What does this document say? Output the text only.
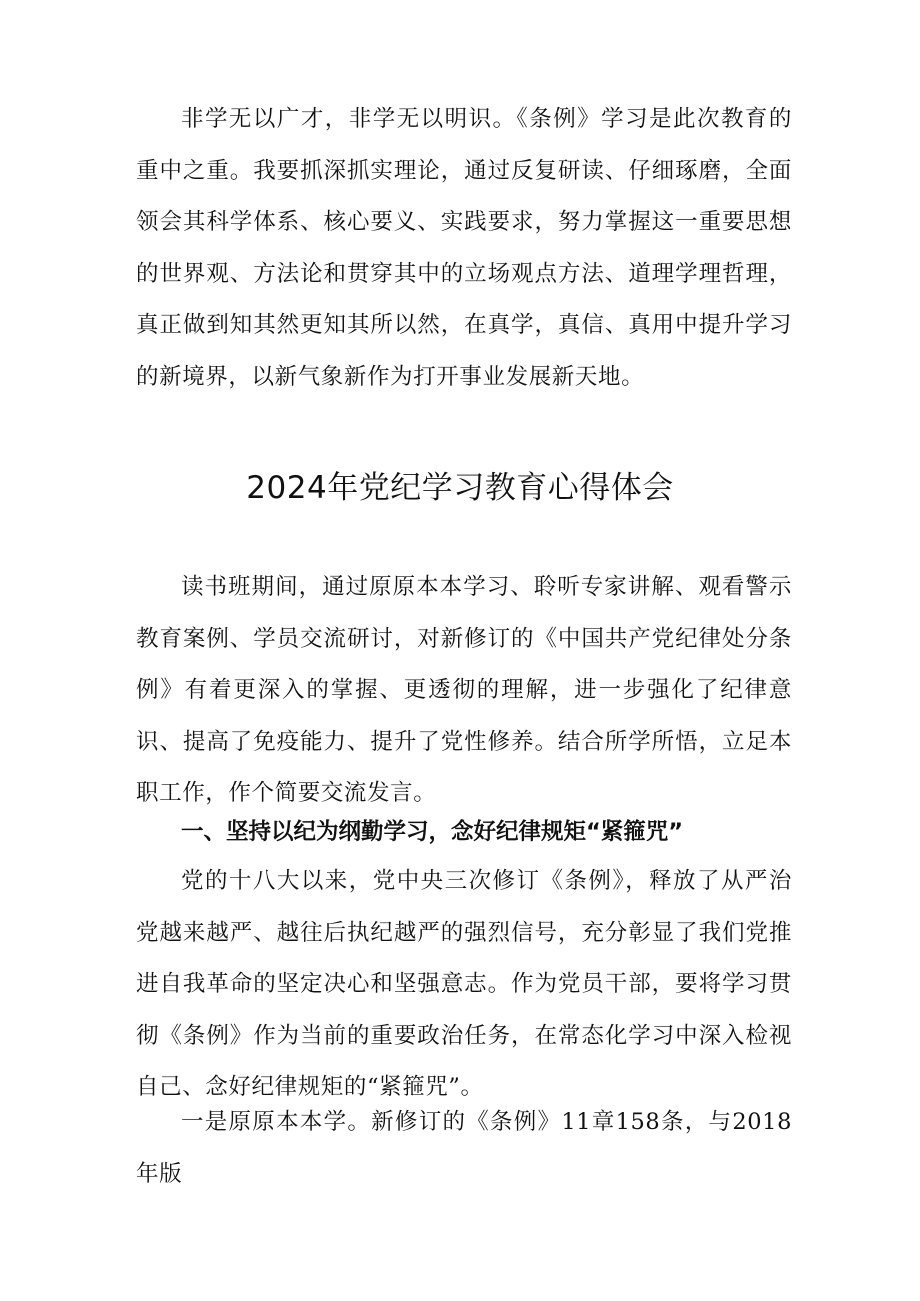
非学无以广才，非学无以明识。《条例》学习是此次教育的重中之重。我要抓深抓实理论，通过反复研读、仔细琢磨，全面领会其科学体系、核心要义、实践要求，努力掌握这一重要思想的世界观、方法论和贯穿其中的立场观点方法、道理学理哲理，真正做到知其然更知其所以然，在真学，真信、真用中提升学习的新境界，以新气象新作为打开事业发展新天地。

2024年党纪学习教育心得体会

读书班期间，通过原原本本学习、聆听专家讲解、观看警示教育案例、学员交流研讨，对新修订的《中国共产党纪律处分条例》有着更深入的掌握、更透彻的理解，进一步强化了纪律意识、提高了免疫能力、提升了党性修养。结合所学所悟，立足本职工作，作个简要交流发言。

一、坚持以纪为纲勤学习，念好纪律规矩“紧箍咒”

党的十八大以来，党中央三次修订《条例》，释放了从严治党越来越严、越往后执纪越严的强烈信号，充分彰显了我们党推进自我革命的坚定决心和坚强意志。作为党员干部，要将学习贯彻《条例》作为当前的重要政治任务，在常态化学习中深入检视自己、念好纪律规矩的“紧箍咒”。

一是原原本本学。新修订的《条例》11章158条，与2018年版
